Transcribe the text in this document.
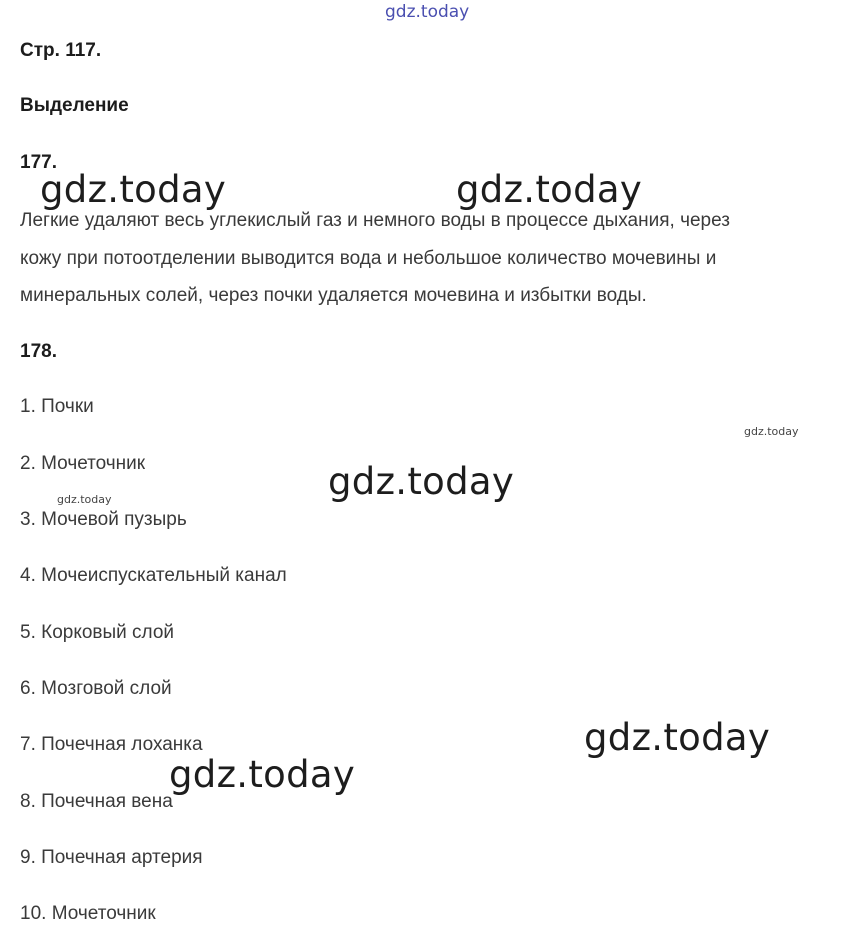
gdz.today
Стр. 117.
Выделение
177.
Легкие удаляют весь углекислый газ и немного воды в процессе дыхания, через
кожу при потоотделении выводится вода и небольшое количество мочевины и
минеральных солей, через почки удаляется мочевина и избытки воды.
178.
1. Почки
2. Мочеточник
3. Мочевой пузырь
4. Мочеиспускательный канал
5. Корковый слой
6. Мозговой слой
7. Почечная лоханка
8. Почечная вена
9. Почечная артерия
10. Мочеточник
gdz.today	gdz.today
gdz.today
gdz.today
gdz.today
gdz.today
gdz.today
